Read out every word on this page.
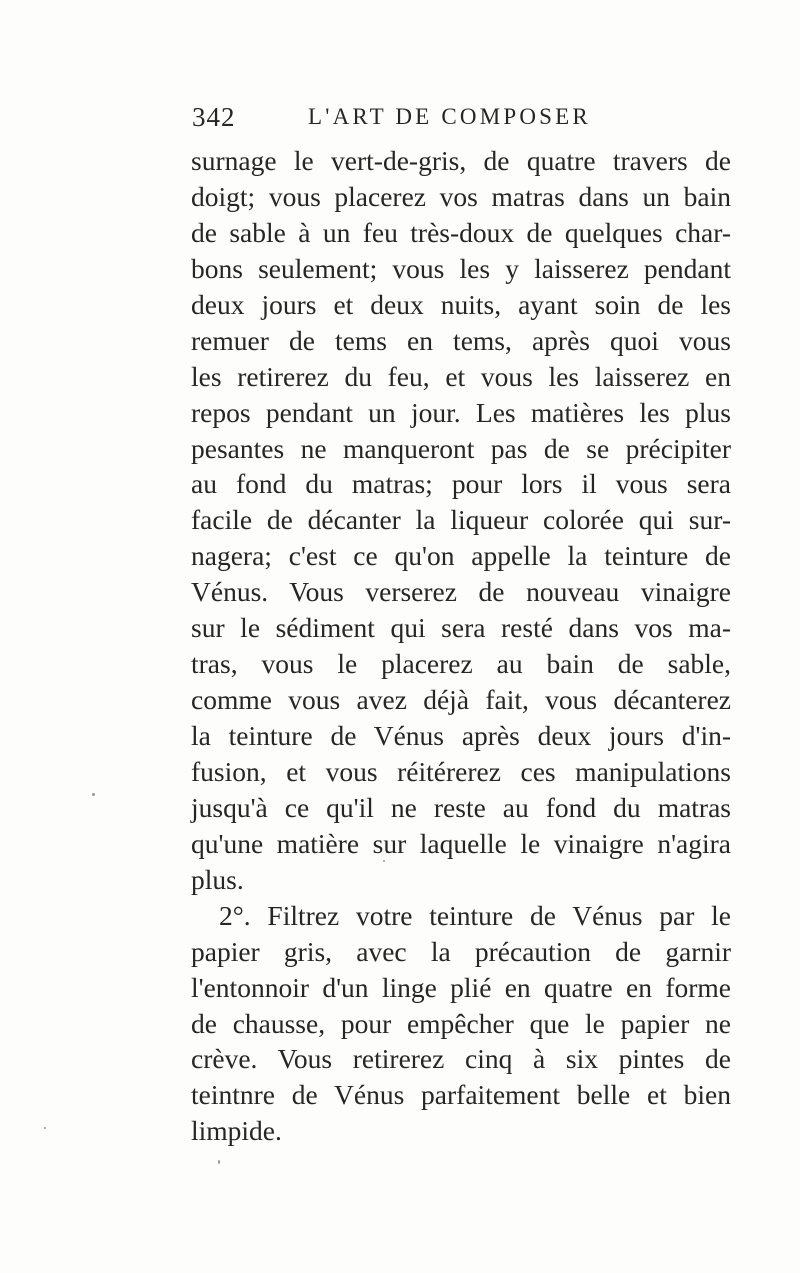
342	L'ART DE COMPOSER
surnage le vert-de-gris, de quatre travers de
doigt; vous placerez vos matras dans un bain
de sable à un feu très-doux de quelques char-
bons seulement; vous les y laisserez pendant
deux jours et deux nuits, ayant soin de les
remuer de tems en tems, après quoi vous
les retirerez du feu, et vous les laisserez en
repos pendant un jour. Les matières les plus
pesantes ne manqueront pas de se précipiter
au fond du matras; pour lors il vous sera
facile de décanter la liqueur colorée qui sur-
nagera; c'est ce qu'on appelle la teinture de
Vénus. Vous verserez de nouveau vinaigre
sur le sédiment qui sera resté dans vos ma-
tras, vous le placerez au bain de sable,
comme vous avez déjà fait, vous décanterez
la teinture de Vénus après deux jours d'in-
fusion, et vous réitérerez ces manipulations
jusqu'à ce qu'il ne reste au fond du matras
qu'une matière sur laquelle le vinaigre n'agira
plus.
2°. Filtrez votre teinture de Vénus par le
papier gris, avec la précaution de garnir
l'entonnoir d'un linge plié en quatre en forme
de chausse, pour empêcher que le papier ne
crève. Vous retirerez cinq à six pintes de
teintnre de Vénus parfaitement belle et bien
limpide.
